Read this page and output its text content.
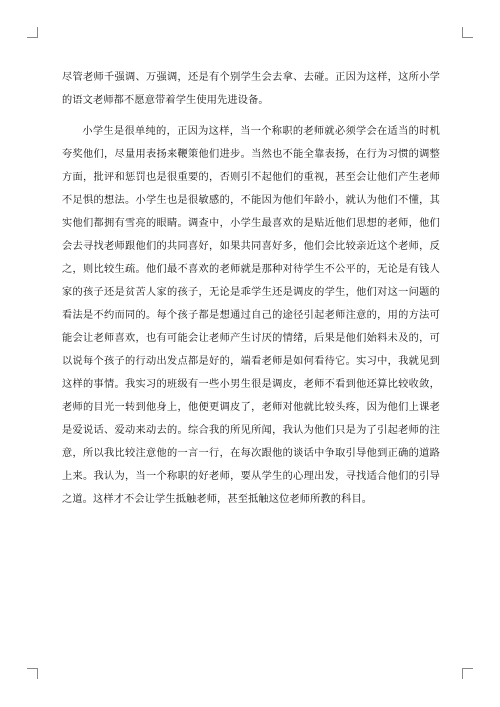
尽管老师千强调、万强调，还是有个别学生会去拿、去碰。正因为这样，这所小学的语文老师都不愿意带着学生使用先进设备。

小学生是很单纯的，正因为这样，当一个称职的老师就必须学会在适当的时机夸奖他们，尽量用表扬来鞭策他们进步。当然也不能全靠表扬，在行为习惯的调整方面，批评和惩罚也是很重要的，否则引不起他们的重视，甚至会让他们产生老师不足惧的想法。小学生也是很敏感的，不能因为他们年龄小，就认为他们不懂，其实他们都拥有雪亮的眼睛。调查中，小学生最喜欢的是贴近他们思想的老师，他们会去寻找老师跟他们的共同喜好，如果共同喜好多，他们会比较亲近这个老师，反之，则比较生疏。他们最不喜欢的老师就是那种对待学生不公平的，无论是有钱人家的孩子还是贫苦人家的孩子，无论是乖学生还是调皮的学生，他们对这一问题的看法是不约而同的。每个孩子都是想通过自己的途径引起老师注意的，用的方法可能会让老师喜欢，也有可能会让老师产生讨厌的情绪，后果是他们始料未及的，可以说每个孩子的行动出发点都是好的，端看老师是如何看待它。实习中，我就见到这样的事情。我实习的班级有一些小男生很是调皮，老师不看到他还算比较收敛，老师的目光一转到他身上，他便更调皮了，老师对他就比较头疼，因为他们上课老是爱说话、爱动来动去的。综合我的所见所闻，我认为他们只是为了引起老师的注意，所以我比较注意他的一言一行，在每次跟他的谈话中争取引导他到正确的道路上来。我认为，当一个称职的好老师，要从学生的心理出发，寻找适合他们的引导之道。这样才不会让学生抵触老师，甚至抵触这位老师所教的科目。
